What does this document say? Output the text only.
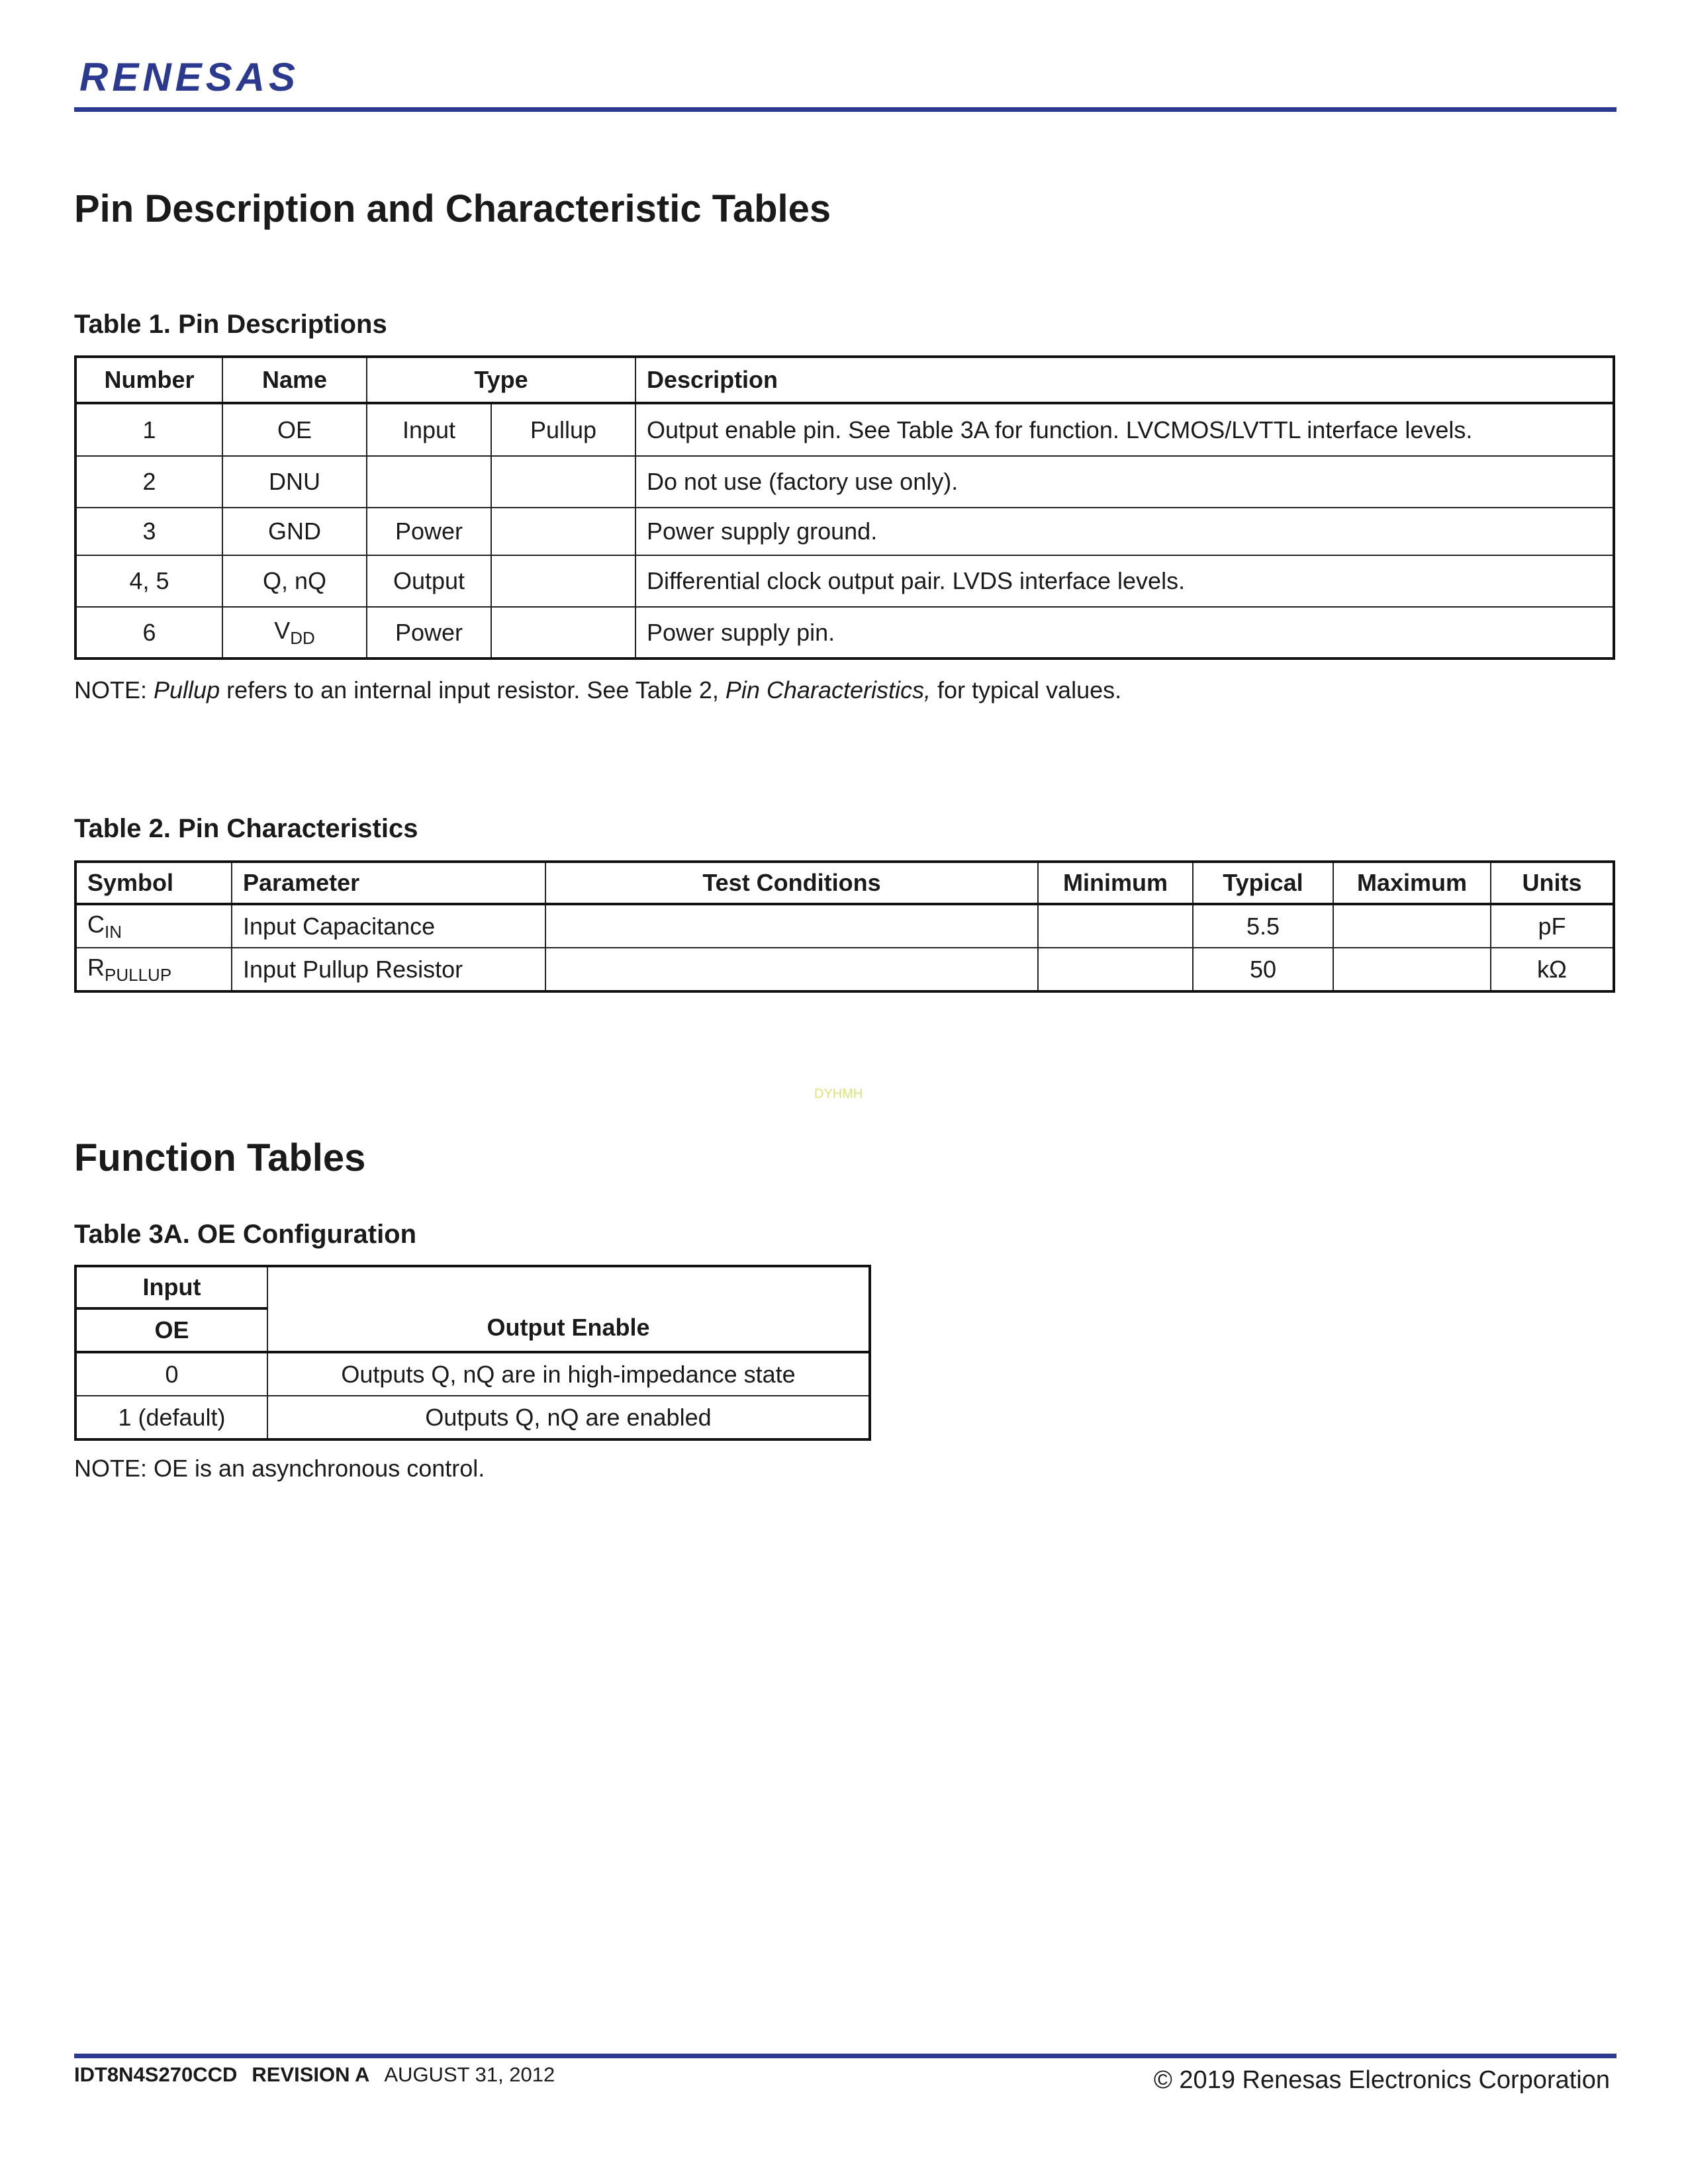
RENESAS
Pin Description and Characteristic Tables
Table 1. Pin Descriptions
Number	Name	Type		Description
1	OE	Input	Pullup	Output enable pin. See Table 3A for function. LVCMOS/LVTTL interface levels.
2	DNU			Do not use (factory use only).
3	GND	Power		Power supply ground.
4, 5	Q, nQ	Output		Differential clock output pair. LVDS interface levels.
6	$V_{DD}$	Power		Power supply pin.
NOTE: Pullup refers to an internal input resistor. See Table 2, Pin Characteristics, for typical values.
Table 2. Pin Characteristics
Symbol	Parameter	Test Conditions	Minimum	Typical	Maximum	Units
$C_{IN}$	Input Capacitance			5.5		pF
$R_{PULLUP}$	Input Pullup Resistor			50		kΩ
DYHMH
Function Tables
Table 3A. OE Configuration
Input	Output Enable
OE	
0	Outputs Q, nQ are in high-impedance state
1 (default)	Outputs Q, nQ are enabled
NOTE: OE is an asynchronous control.
IDT8N4S270CCD REVISION A AUGUST 31, 2012	© 2019 Renesas Electronics Corporation
